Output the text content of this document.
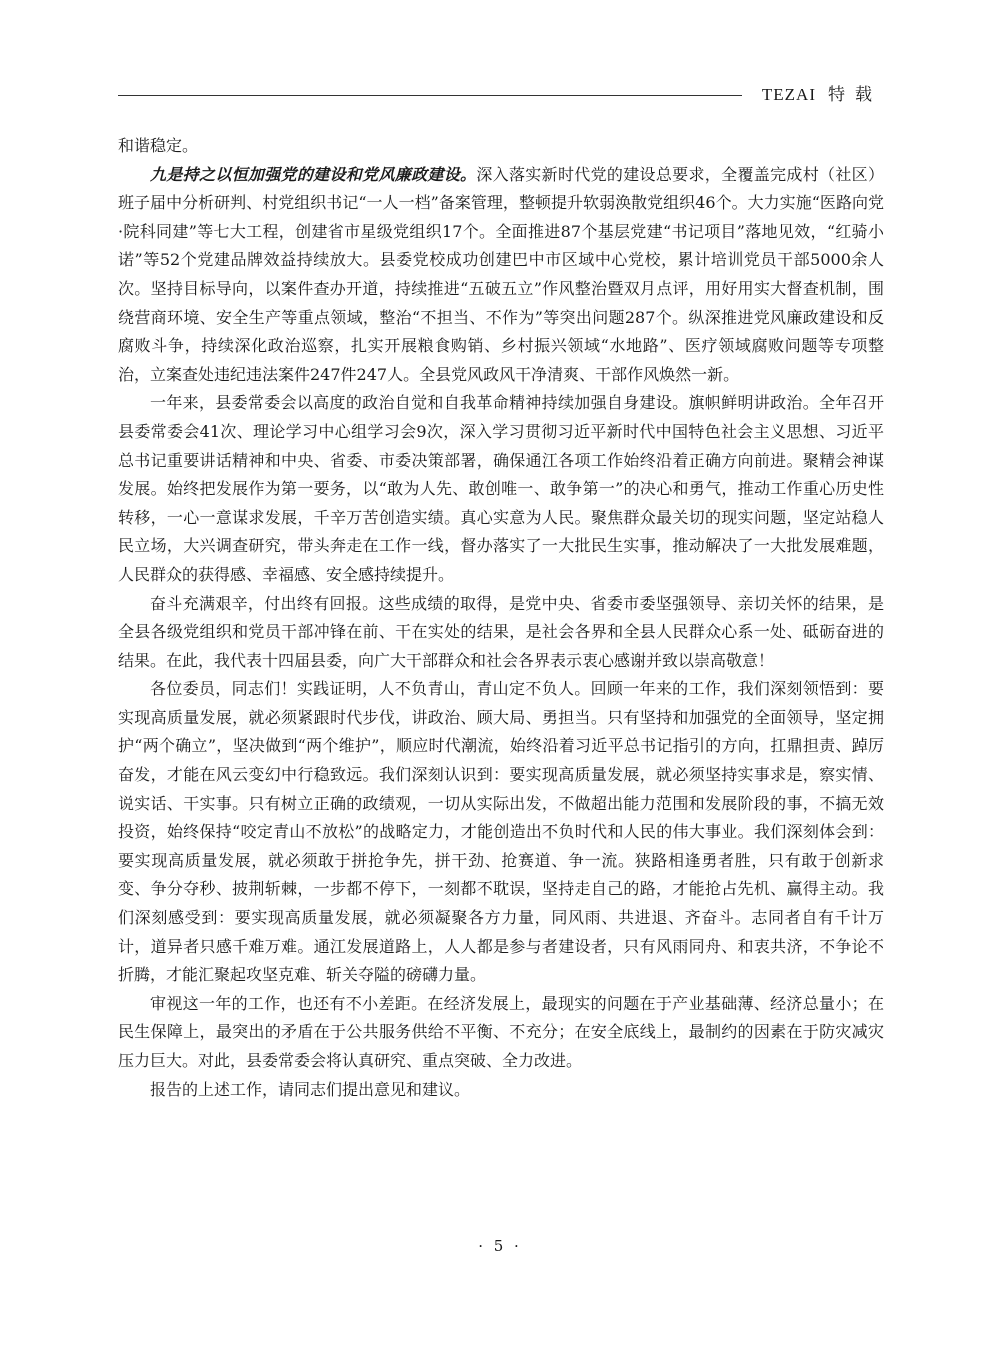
TEZAI 特载

和谐稳定。

九是持之以恒加强党的建设和党风廉政建设。深入落实新时代党的建设总要求，全覆盖完成村（社区）班子届中分析研判、村党组织书记“一人一档”备案管理，整顿提升软弱涣散党组织46个。大力实施“医路向党·院科同建”等七大工程，创建省市星级党组织17个。全面推进87个基层党建“书记项目”落地见效，“红骑小诺”等52个党建品牌效益持续放大。县委党校成功创建巴中市区域中心党校，累计培训党员干部5000余人次。坚持目标导向，以案件查办开道，持续推进“五破五立”作风整治暨双月点评，用好用实大督查机制，围绕营商环境、安全生产等重点领域，整治“不担当、不作为”等突出问题287个。纵深推进党风廉政建设和反腐败斗争，持续深化政治巡察，扎实开展粮食购销、乡村振兴领域“水地路”、医疗领域腐败问题等专项整治，立案查处违纪违法案件247件247人。全县党风政风干净清爽、干部作风焕然一新。

一年来，县委常委会以高度的政治自觉和自我革命精神持续加强自身建设。旗帜鲜明讲政治。全年召开县委常委会41次、理论学习中心组学习会9次，深入学习贯彻习近平新时代中国特色社会主义思想、习近平总书记重要讲话精神和中央、省委、市委决策部署，确保通江各项工作始终沿着正确方向前进。聚精会神谋发展。始终把发展作为第一要务，以“敢为人先、敢创唯一、敢争第一”的决心和勇气，推动工作重心历史性转移，一心一意谋求发展，千辛万苦创造实绩。真心实意为人民。聚焦群众最关切的现实问题，坚定站稳人民立场，大兴调查研究，带头奔走在工作一线，督办落实了一大批民生实事，推动解决了一大批发展难题，人民群众的获得感、幸福感、安全感持续提升。

奋斗充满艰辛，付出终有回报。这些成绩的取得，是党中央、省委市委坚强领导、亲切关怀的结果，是全县各级党组织和党员干部冲锋在前、干在实处的结果，是社会各界和全县人民群众心系一处、砥砺奋进的结果。在此，我代表十四届县委，向广大干部群众和社会各界表示衷心感谢并致以崇高敬意！

各位委员，同志们！实践证明，人不负青山，青山定不负人。回顾一年来的工作，我们深刻领悟到：要实现高质量发展，就必须紧跟时代步伐，讲政治、顾大局、勇担当。只有坚持和加强党的全面领导，坚定拥护“两个确立”，坚决做到“两个维护”，顺应时代潮流，始终沿着习近平总书记指引的方向，扛鼎担责、踔厉奋发，才能在风云变幻中行稳致远。我们深刻认识到：要实现高质量发展，就必须坚持实事求是，察实情、说实话、干实事。只有树立正确的政绩观，一切从实际出发，不做超出能力范围和发展阶段的事，不搞无效投资，始终保持“咬定青山不放松”的战略定力，才能创造出不负时代和人民的伟大事业。我们深刻体会到：要实现高质量发展，就必须敢于拼抢争先，拼干劲、抢赛道、争一流。狭路相逢勇者胜，只有敢于创新求变、争分夺秒、披荆斩棘，一步都不停下，一刻都不耽误，坚持走自己的路，才能抢占先机、赢得主动。我们深刻感受到：要实现高质量发展，就必须凝聚各方力量，同风雨、共进退、齐奋斗。志同者自有千计万计，道异者只感千难万难。通江发展道路上，人人都是参与者建设者，只有风雨同舟、和衷共济，不争论不折腾，才能汇聚起攻坚克难、斩关夺隘的磅礴力量。

审视这一年的工作，也还有不小差距。在经济发展上，最现实的问题在于产业基础薄、经济总量小；在民生保障上，最突出的矛盾在于公共服务供给不平衡、不充分；在安全底线上，最制约的因素在于防灾减灾压力巨大。对此，县委常委会将认真研究、重点突破、全力改进。

报告的上述工作，请同志们提出意见和建议。

· 5 ·
